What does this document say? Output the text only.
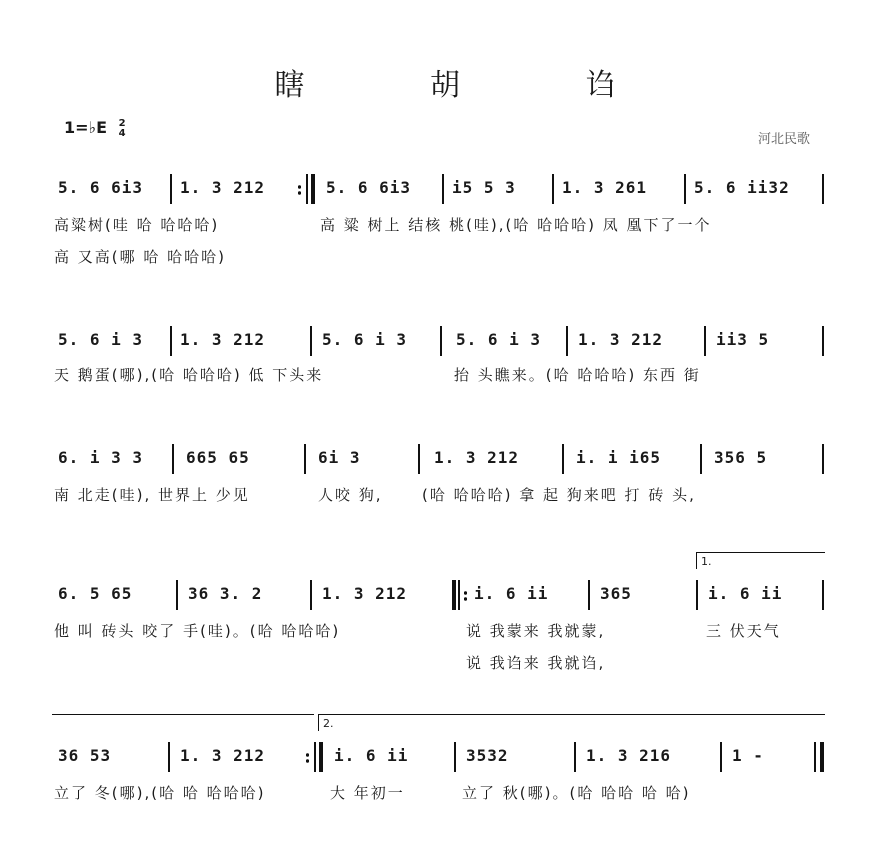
瞎 胡 诌
1=♭E 2
4	河北民歌
5. 6 6i3 1. 3 212	5. 6 6i3	i5 5 3	1. 3 261	5. 6 ii32
高粱树(哇 哈 哈哈哈)	高 粱 树上 结核 桃(哇),(哈 哈哈哈) 凤 凰下了一个
高 又高(哪 哈 哈哈哈)
5. 6 i 3 1. 3 212	5. 6 i 3	5. 6 i 3 1. 3 212	ii3 5
天 鹅蛋(哪),(哈 哈哈哈) 低 下头来	抬 头瞧来。(哈 哈哈哈) 东西 街
6. i 3 3	665 65	6i 3	1. 3 212	i. i i65	356 5
南 北走(哇), 世界上 少见	人咬 狗,	(哈 哈哈哈) 拿 起 狗来吧 打 砖 头,
1.
6. 5 65	36 3. 2	1. 3 212	i. 6 ii	365	i. 6 ii
他 叫 砖头 咬了 手(哇)。(哈 哈哈哈)	说 我蒙来 我就蒙,	三 伏天气
说 我诌来 我就诌,
2.
36 53	1. 3 212	i. 6 ii	3532	1. 3 216	1 -
立了 冬(哪),(哈 哈 哈哈哈)	大 年初一	立了 秋(哪)。(哈 哈哈 哈 哈)
